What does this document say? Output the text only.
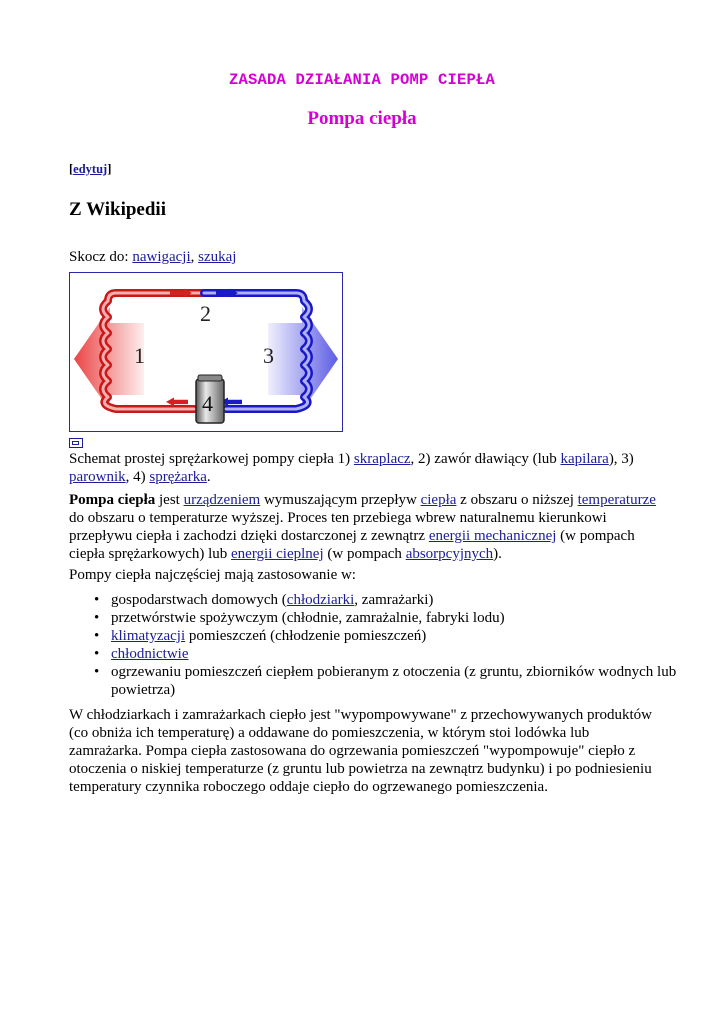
ZASADA DZIAŁANIA POMP CIEPŁA
Pompa ciepła
[edytuj]
Z Wikipedii
Skocz do: nawigacji, szukaj
1
2
3
4

Schemat prostej sprężarkowej pompy ciepła 1) skraplacz, 2) zawór dławiący (lub kapilara), 3) parownik, 4) sprężarka.

Pompa ciepła jest urządzeniem wymuszającym przepływ ciepła z obszaru o niższej temperaturze do obszaru o temperaturze wyższej. Proces ten przebiega wbrew naturalnemu kierunkowi przepływu ciepła i zachodzi dzięki dostarczonej z zewnątrz energii mechanicznej (w pompach ciepła sprężarkowych) lub energii cieplnej (w pompach absorpcyjnych).

Pompy ciepła najczęściej mają zastosowanie w:

• gospodarstwach domowych (chłodziarki, zamrażarki)
• przetwórstwie spożywczym (chłodnie, zamrażalnie, fabryki lodu)
• klimatyzacji pomieszczeń (chłodzenie pomieszczeń)
• chłodnictwie
• ogrzewaniu pomieszczeń ciepłem pobieranym z otoczenia (z gruntu, zbiorników wodnych lub powietrza)

W chłodziarkach i zamrażarkach ciepło jest "wypompowywane" z przechowywanych produktów (co obniża ich temperaturę) a oddawane do pomieszczenia, w którym stoi lodówka lub zamrażarka. Pompa ciepła zastosowana do ogrzewania pomieszczeń "wypompowuje" ciepło z otoczenia o niskiej temperaturze (z gruntu lub powietrza na zewnątrz budynku) i po podniesieniu temperatury czynnika roboczego oddaje ciepło do ogrzewanego pomieszczenia.
